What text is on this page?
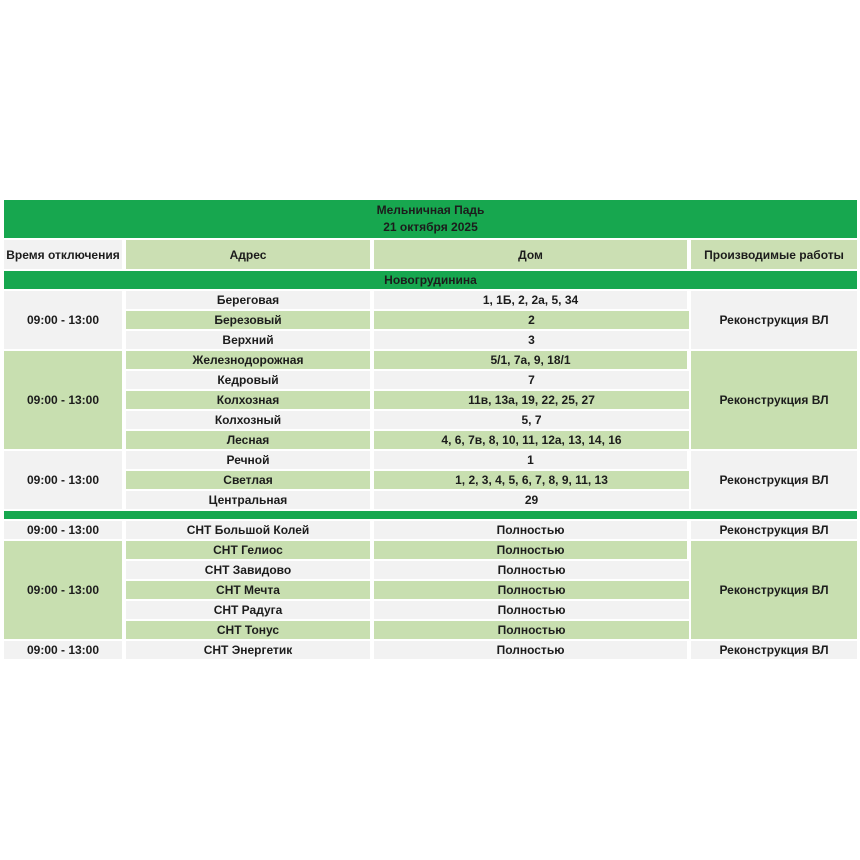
Мельничная Падь
21 октября 2025			

Время отключения	Адрес	Дом	Производимые работы
Новогрудинина			
09:00 - 13:00	Береговая	1, 1Б, 2, 2а, 5, 34	Реконструкция ВЛ
	Березовый	2	
	Верхний	3	
09:00 - 13:00	Железнодорожная	5/1, 7а, 9, 18/1	Реконструкция ВЛ
	Кедровый	7	
	Колхозная	11в, 13а, 19, 22, 25, 27	
	Колхозный	5, 7	
	Лесная	4, 6, 7в, 8, 10, 11, 12а, 13, 14, 16	
09:00 - 13:00	Речной	1	Реконструкция ВЛ
	Светлая	1, 2, 3, 4, 5, 6, 7, 8, 9, 11, 13	
	Центральная	29	

09:00 - 13:00	СНТ Большой Колей	Полностью	Реконструкция ВЛ
09:00 - 13:00	СНТ Гелиос	Полностью	Реконструкция ВЛ
	СНТ Завидово	Полностью	
	СНТ Мечта	Полностью	
	СНТ Радуга	Полностью	
	СНТ Тонус	Полностью	
09:00 - 13:00	СНТ Энергетик	Полностью	Реконструкция ВЛ
